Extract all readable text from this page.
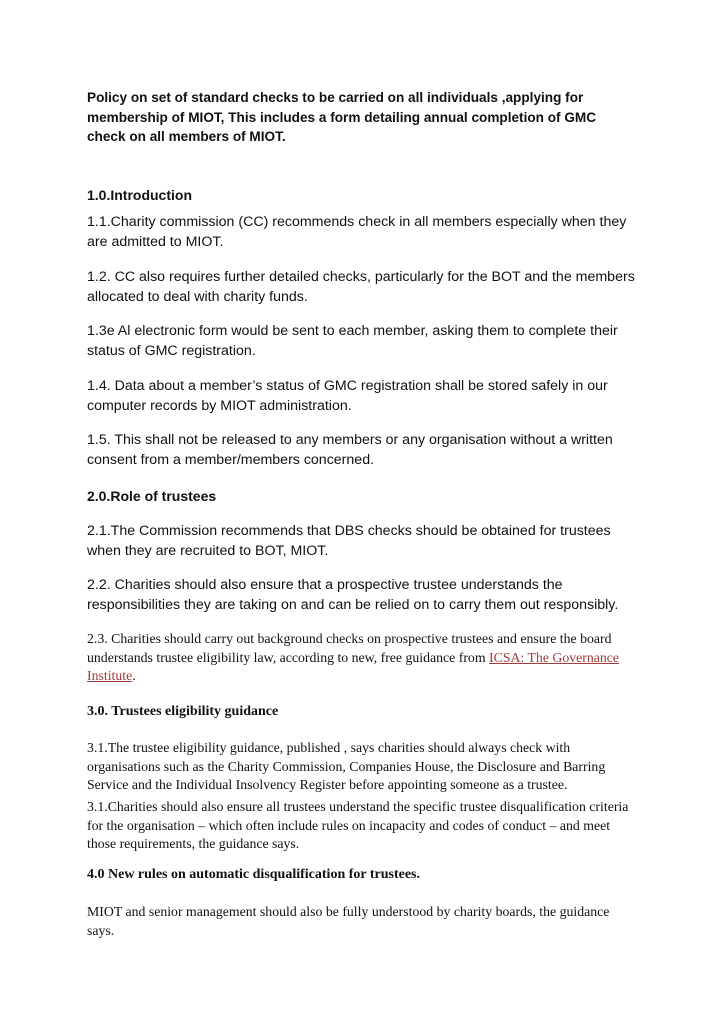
Policy on set of standard checks to be carried on all individuals ,applying for membership of MIOT, This includes a form detailing annual completion of GMC check on all members of MIOT.

1.0.Introduction

1.1.Charity commission (CC) recommends check in all members especially when they are admitted to MIOT.

1.2. CC also requires further detailed checks, particularly for the BOT and the members allocated to deal with charity funds.

1.3e Al electronic form would be sent to each member, asking them to complete their status of GMC registration.

1.4. Data about a member’s status of GMC registration shall be stored safely in our computer records by MIOT administration.

1.5. This shall not be released to any members or any organisation without a written consent from a member/members concerned.

2.0.Role of trustees

2.1.The Commission recommends that DBS checks should be obtained for trustees when they are recruited to BOT, MIOT.

2.2. Charities should also ensure that a prospective trustee understands the responsibilities they are taking on and can be relied on to carry them out responsibly.

2.3. Charities should carry out background checks on prospective trustees and ensure the board understands trustee eligibility law, according to new, free guidance from ICSA: The Governance Institute.

3.0. Trustees eligibility guidance

3.1.The trustee eligibility guidance, published , says charities should always check with organisations such as the Charity Commission, Companies House, the Disclosure and Barring Service and the Individual Insolvency Register before appointing someone as a trustee.

3.1.Charities should also ensure all trustees understand the specific trustee disqualification criteria for the organisation – which often include rules on incapacity and codes of conduct – and meet those requirements, the guidance says.

4.0 New rules on automatic disqualification for trustees.

MIOT and senior management should also be fully understood by charity boards, the guidance says.
